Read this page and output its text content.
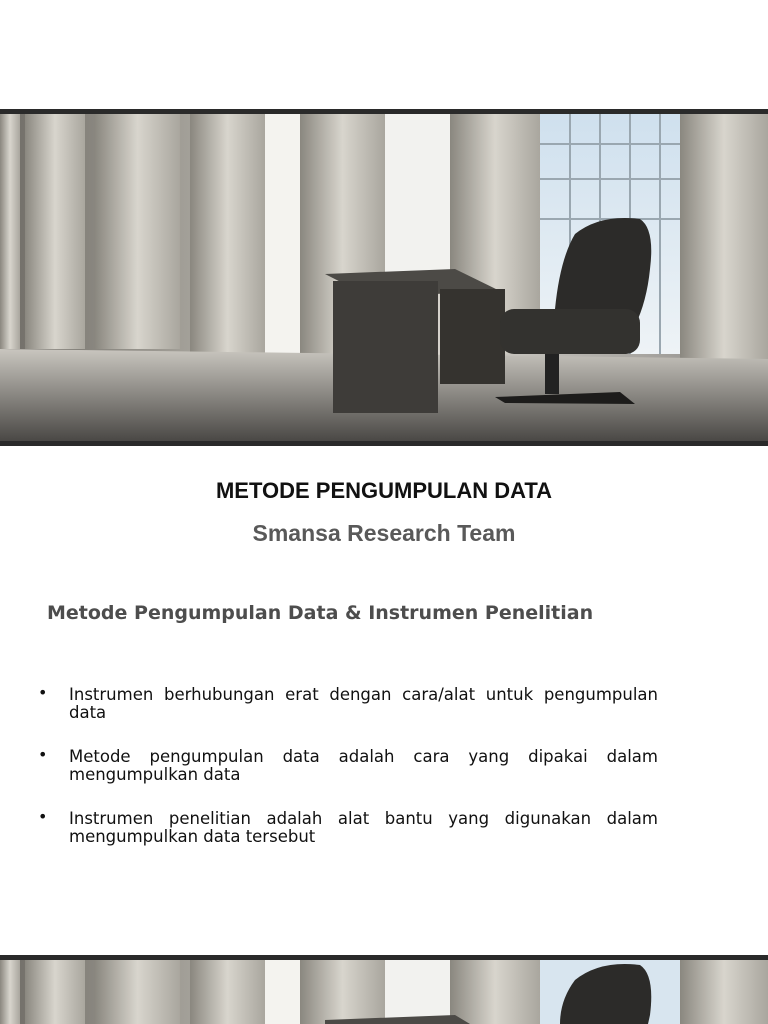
METODE PENGUMPULAN DATA
Smansa Research Team
Metode Pengumpulan Data & Instrumen Penelitian
• Instrumen berhubungan erat dengan cara/alat untuk pengumpulan data
• Metode pengumpulan data adalah cara yang dipakai dalam mengumpulkan data
• Instrumen penelitian adalah alat bantu yang digunakan dalam mengumpulkan data tersebut
